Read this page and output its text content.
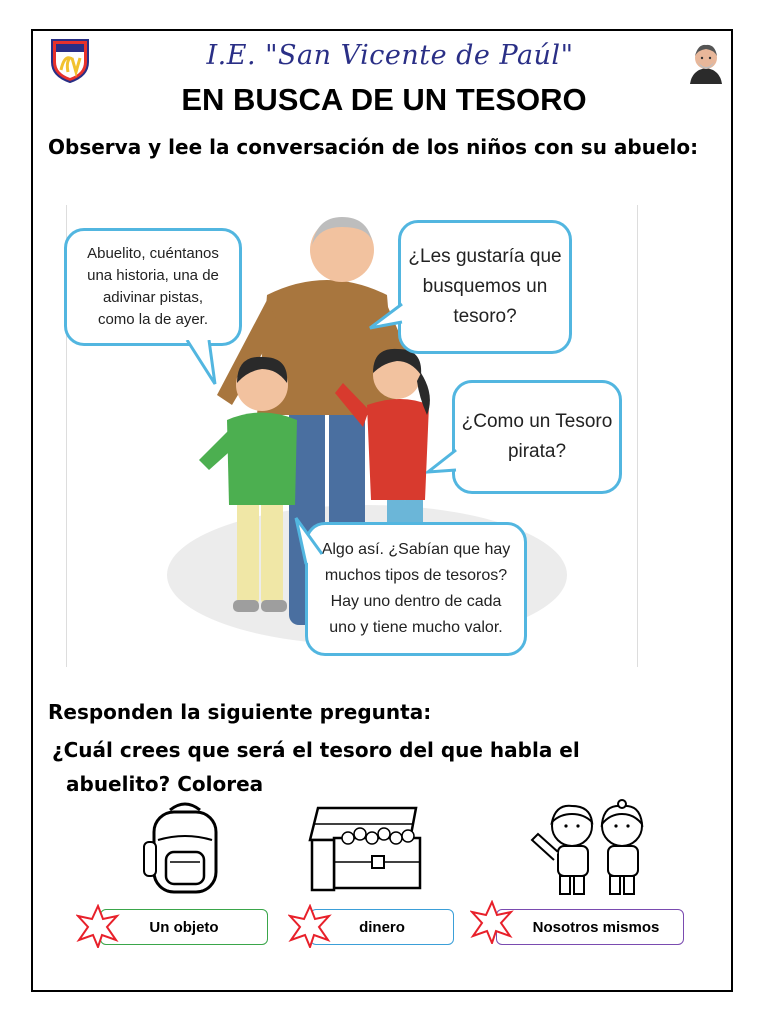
I.E. "San Vicente de Paúl"
EN BUSCA DE UN TESORO
Observa y lee la conversación de los niños con su abuelo:
Abuelito, cuéntanos
una historia, una de
adivinar pistas,
como la de ayer.
¿Les gustaría que
busquemos un
tesoro?
¿Como un Tesoro
pirata?
Algo así. ¿Sabían que hay
muchos tipos de tesoros?
Hay uno dentro de cada
uno y tiene mucho valor.
Responden la siguiente pregunta:
¿Cuál crees que será el tesoro del que habla el
abuelito? Colorea
Un objeto	dinero	Nosotros mismos
